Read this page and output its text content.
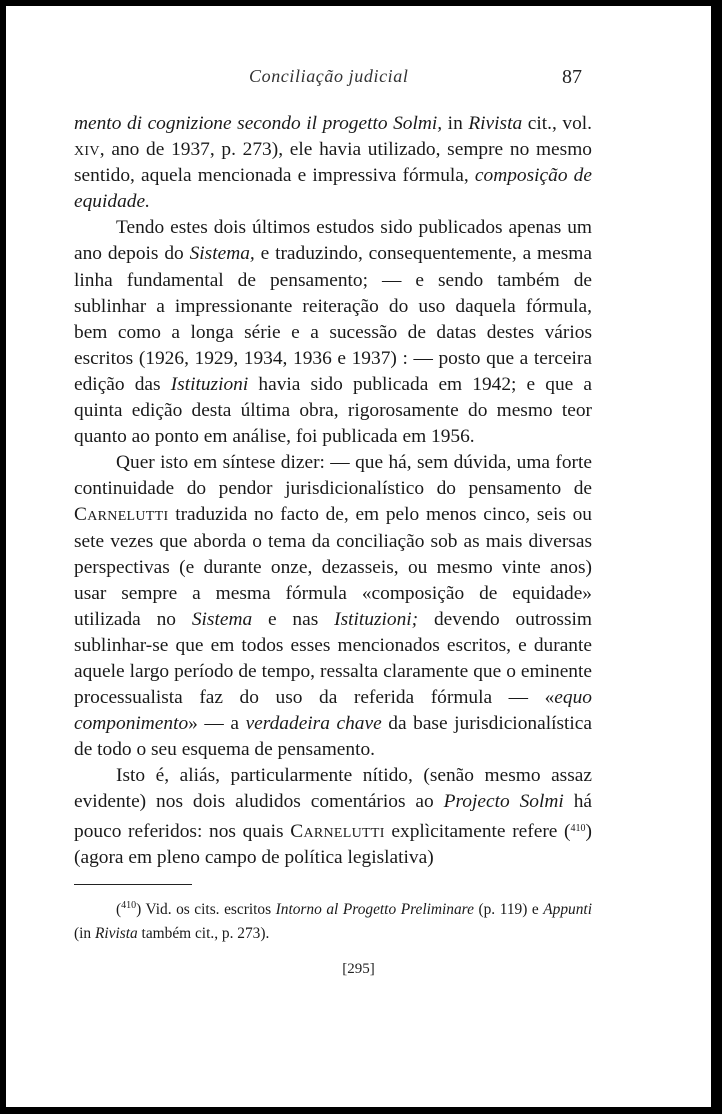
Conciliação judicial	87

mento di cognizione secondo il progetto Solmi, in Rivista cit., vol. xiv, ano de 1937, p. 273), ele havia utilizado, sempre no mesmo sentido, aquela mencionada e impressiva fórmula, composição de equidade.

Tendo estes dois últimos estudos sido publicados apenas um ano depois do Sistema, e traduzindo, consequentemente, a mesma linha fundamental de pensamento; — e sendo também de sublinhar a impressionante reiteração do uso daquela fórmula, bem como a longa série e a sucessão de datas destes vários escritos (1926, 1929, 1934, 1936 e 1937) : — posto que a terceira edição das Istituzioni havia sido publicada em 1942; e que a quinta edição desta última obra, rigorosamente do mesmo teor quanto ao ponto em análise, foi publicada em 1956.

Quer isto em síntese dizer: — que há, sem dúvida, uma forte continuidade do pendor jurisdicionalístico do pensamento de Carnelutti traduzida no facto de, em pelo menos cinco, seis ou sete vezes que aborda o tema da conciliação sob as mais diversas perspectivas (e durante onze, dezasseis, ou mesmo vinte anos) usar sempre a mesma fórmula «composição de equidade» utilizada no Sistema e nas Istituzioni; devendo outrossim sublinhar-se que em todos esses mencionados escritos, e durante aquele largo período de tempo, ressalta claramente que o eminente processualista faz do uso da referida fórmula — «equo componimento» — a verdadeira chave da base jurisdicionalística de todo o seu esquema de pensamento.

Isto é, aliás, particularmente nítido, (senão mesmo assaz evidente) nos dois aludidos comentários ao Projecto Solmi há pouco referidos: nos quais Carnelutti explìcitamente refere ($^{410}$) (agora em pleno campo de política legislativa)

($^{410}$) Vid. os cits. escritos Intorno al Progetto Preliminare (p. 119) e Appunti (in Rivista também cit., p. 273).

[295]
